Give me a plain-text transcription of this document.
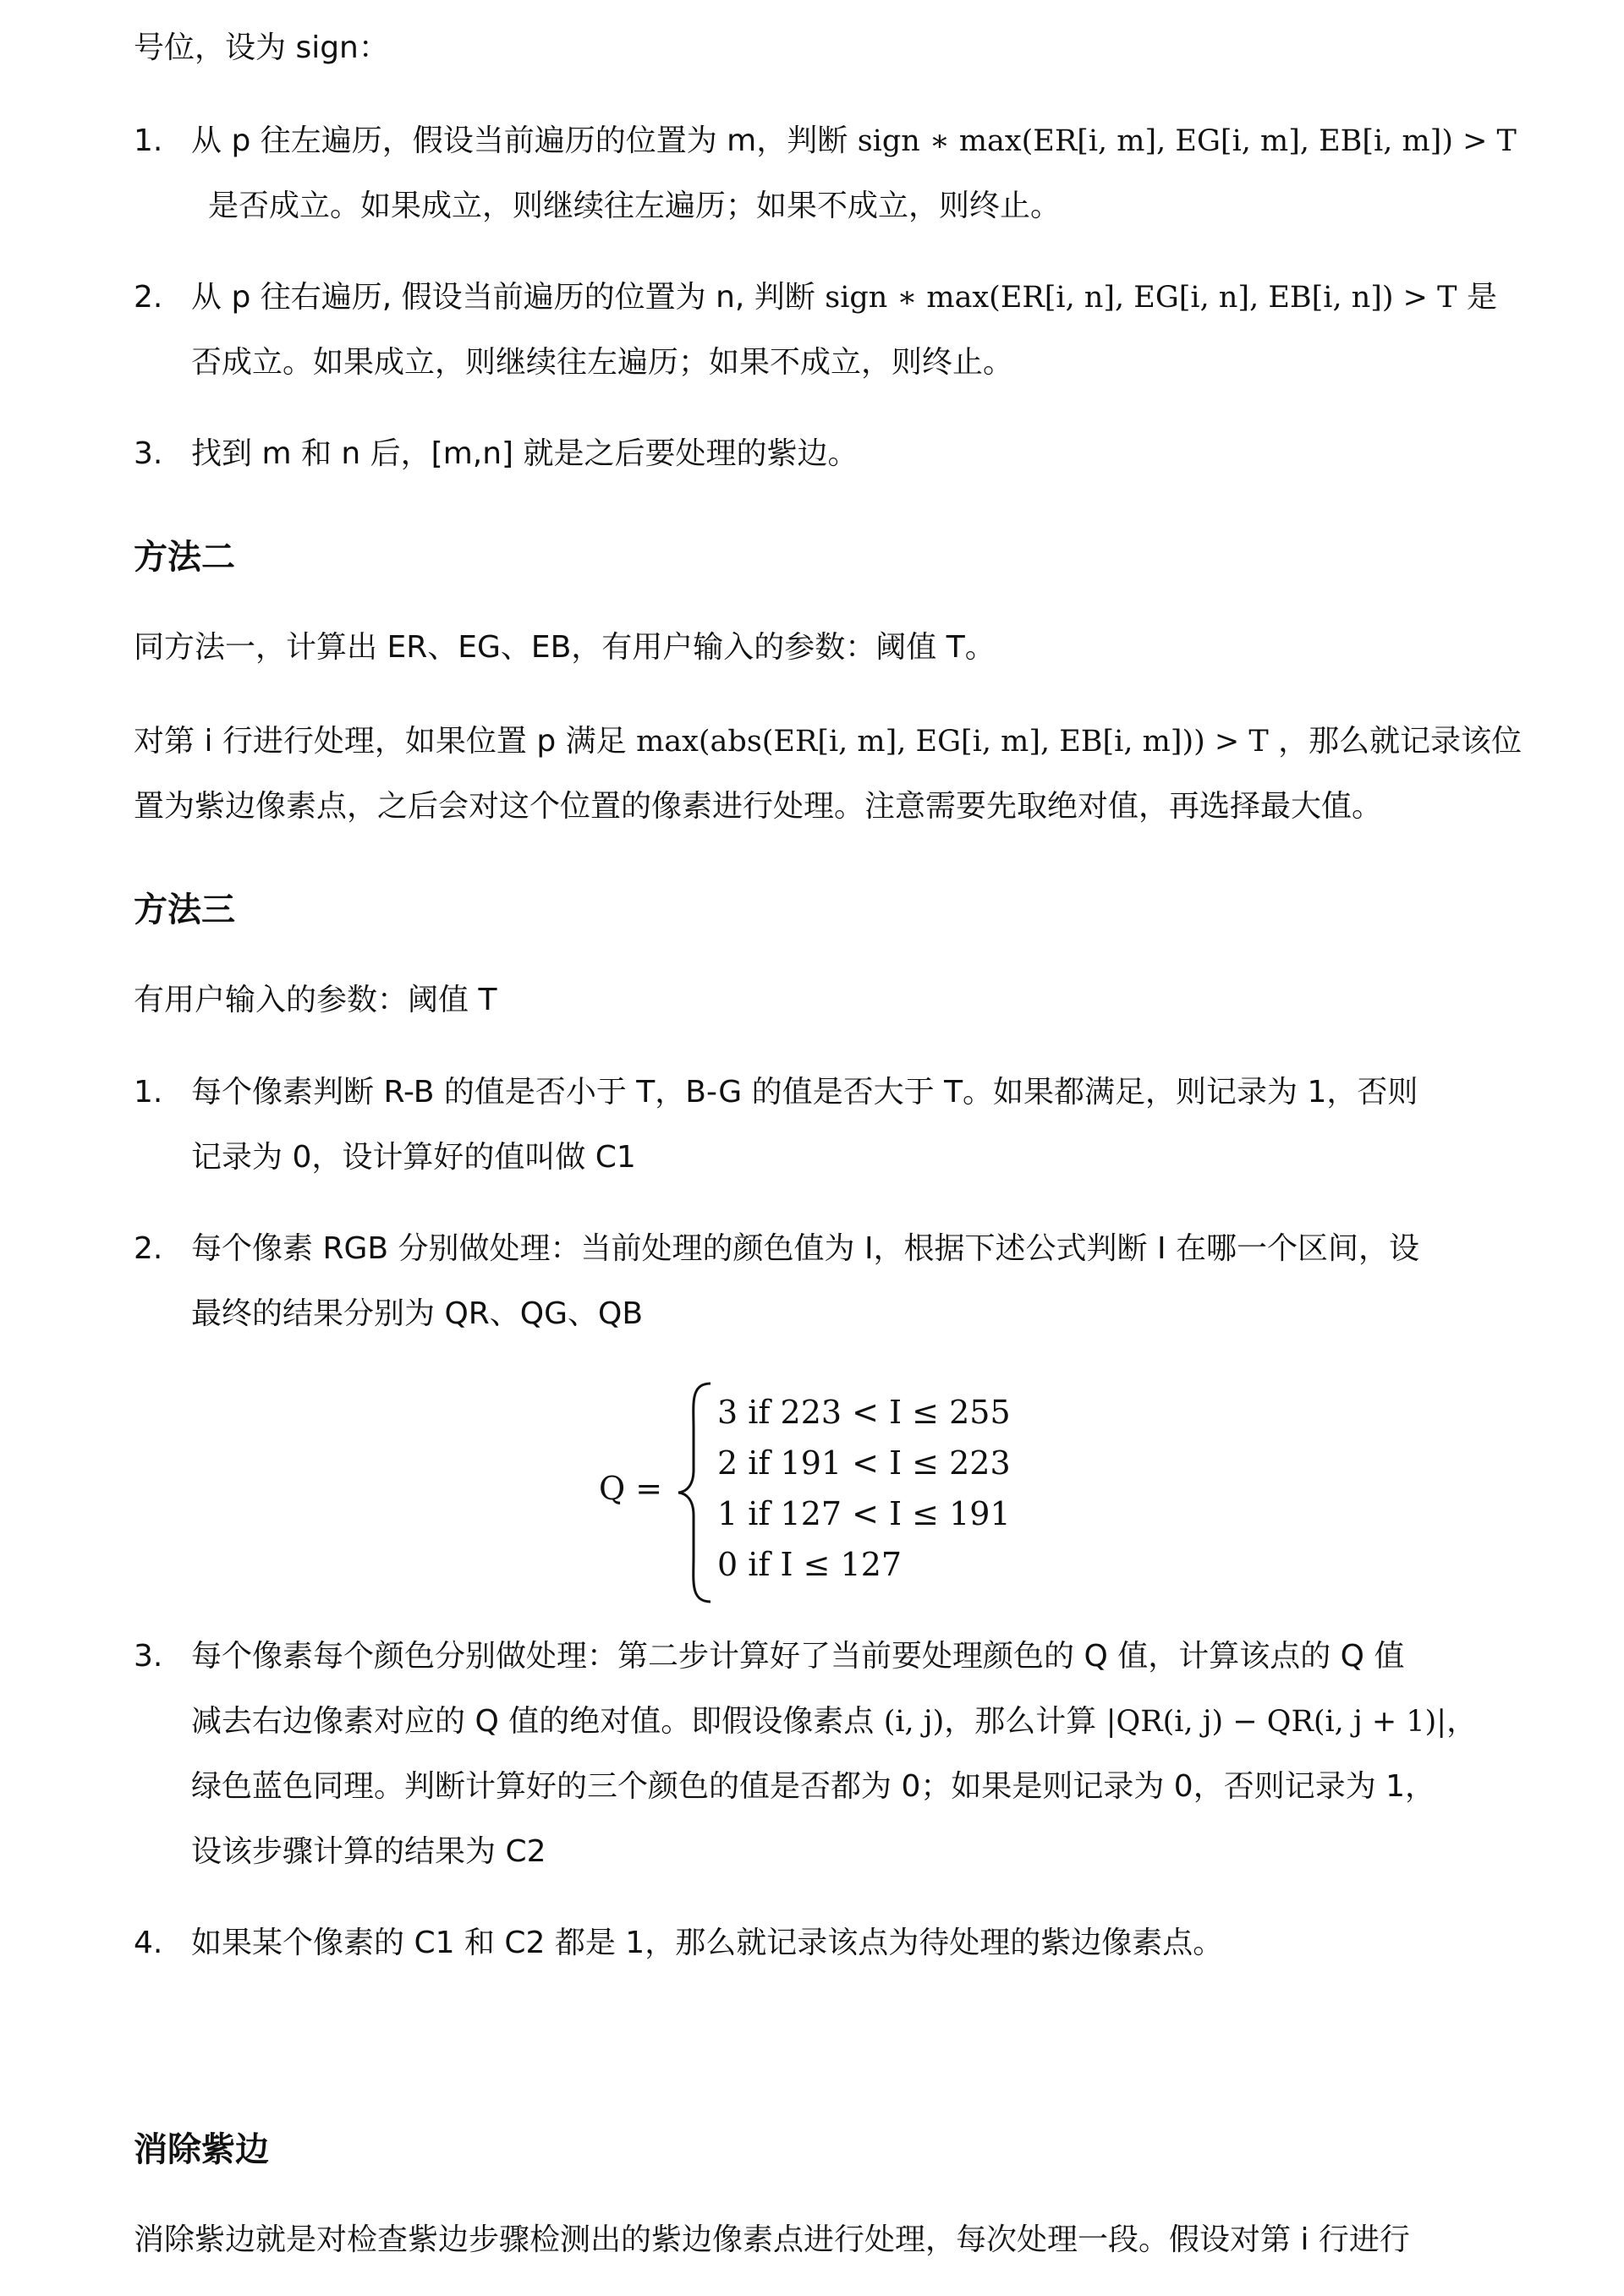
号位，设为 sign：
1. 从 p 往左遍历，假设当前遍历的位置为 m，判断 sign ∗ max(ER[i, m], EG[i, m], EB[i, m]) > T
是否成立。如果成立，则继续往左遍历；如果不成立，则终止。
2. 从 p 往右遍历, 假设当前遍历的位置为 n, 判断 sign ∗ max(ER[i, n], EG[i, n], EB[i, n]) > T 是
否成立。如果成立，则继续往左遍历；如果不成立，则终止。
3. 找到 m 和 n 后，[m,n] 就是之后要处理的紫边。
方法二
同方法一，计算出 ER、EG、EB，有用户输入的参数：阈值 T。
对第 i 行进行处理，如果位置 p 满足 max(abs(ER[i, m], EG[i, m], EB[i, m])) > T ，那么就记录该位
置为紫边像素点，之后会对这个位置的像素进行处理。注意需要先取绝对值，再选择最大值。
方法三
有用户输入的参数：阈值 T
1. 每个像素判断 R-B 的值是否小于 T，B-G 的值是否大于 T。如果都满足，则记录为 1，否则
记录为 0，设计算好的值叫做 C1
2. 每个像素 RGB 分别做处理：当前处理的颜色值为 I，根据下述公式判断 I 在哪一个区间，设
最终的结果分别为 QR、QG、QB
Q =
3 if 223 < I ≤ 255
2 if 191 < I ≤ 223
1 if 127 < I ≤ 191
0 if I ≤ 127
3. 每个像素每个颜色分别做处理：第二步计算好了当前要处理颜色的 Q 值，计算该点的 Q 值
减去右边像素对应的 Q 值的绝对值。即假设像素点 (i, j)，那么计算 |QR(i, j) − QR(i, j + 1)|，
绿色蓝色同理。判断计算好的三个颜色的值是否都为 0；如果是则记录为 0，否则记录为 1，
设该步骤计算的结果为 C2
4. 如果某个像素的 C1 和 C2 都是 1，那么就记录该点为待处理的紫边像素点。
消除紫边
消除紫边就是对检查紫边步骤检测出的紫边像素点进行处理，每次处理一段。假设对第 i 行进行
